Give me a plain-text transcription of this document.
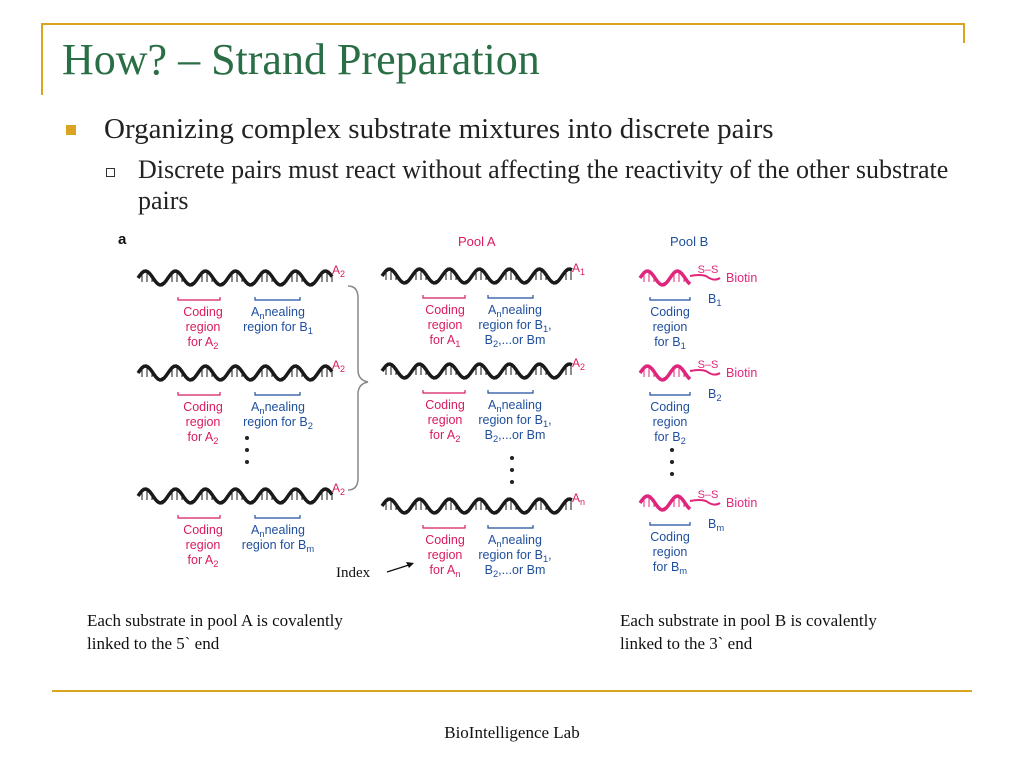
How? – Strand Preparation
Organizing complex substrate mixtures into discrete pairs
Discrete pairs must react without affecting the reactivity of the other substrate pairs
a	Pool A	Pool B
$A_2$
Coding
region
for $A_2$
$A_nnealing$
region for $B_1$
$A_2$
Coding
region
for $A_2$
$A_nnealing$
region for $B_2$
$A_2$
Coding
region
for $A_2$
$A_nnealing$
region for $B_m$
$A_1$
Coding
region
for $A_1$
$A_nnealing$
region for $B_1$,
$B_2,...or$ Bm
$A_2$
Coding
region
for $A_2$
$A_nnealing$
region for $B_1$,
$B_2,...or$ Bm
$A_n$
Coding
region
for $A_n$
$A_nnealing$
region for $B_1$,
$B_2,...or$ Bm
S–S
Biotin
$B_1$
Coding
region
for $B_1$
S–S
Biotin
$B_2$
Coding
region
for $B_2$
S–S
Biotin
$B_m$
Coding
region
for $B_m$
Index
Each substrate in pool A is covalently
linked to the 5` end
Each substrate in pool B is covalently
linked to the 3` end
BioIntelligence Lab
